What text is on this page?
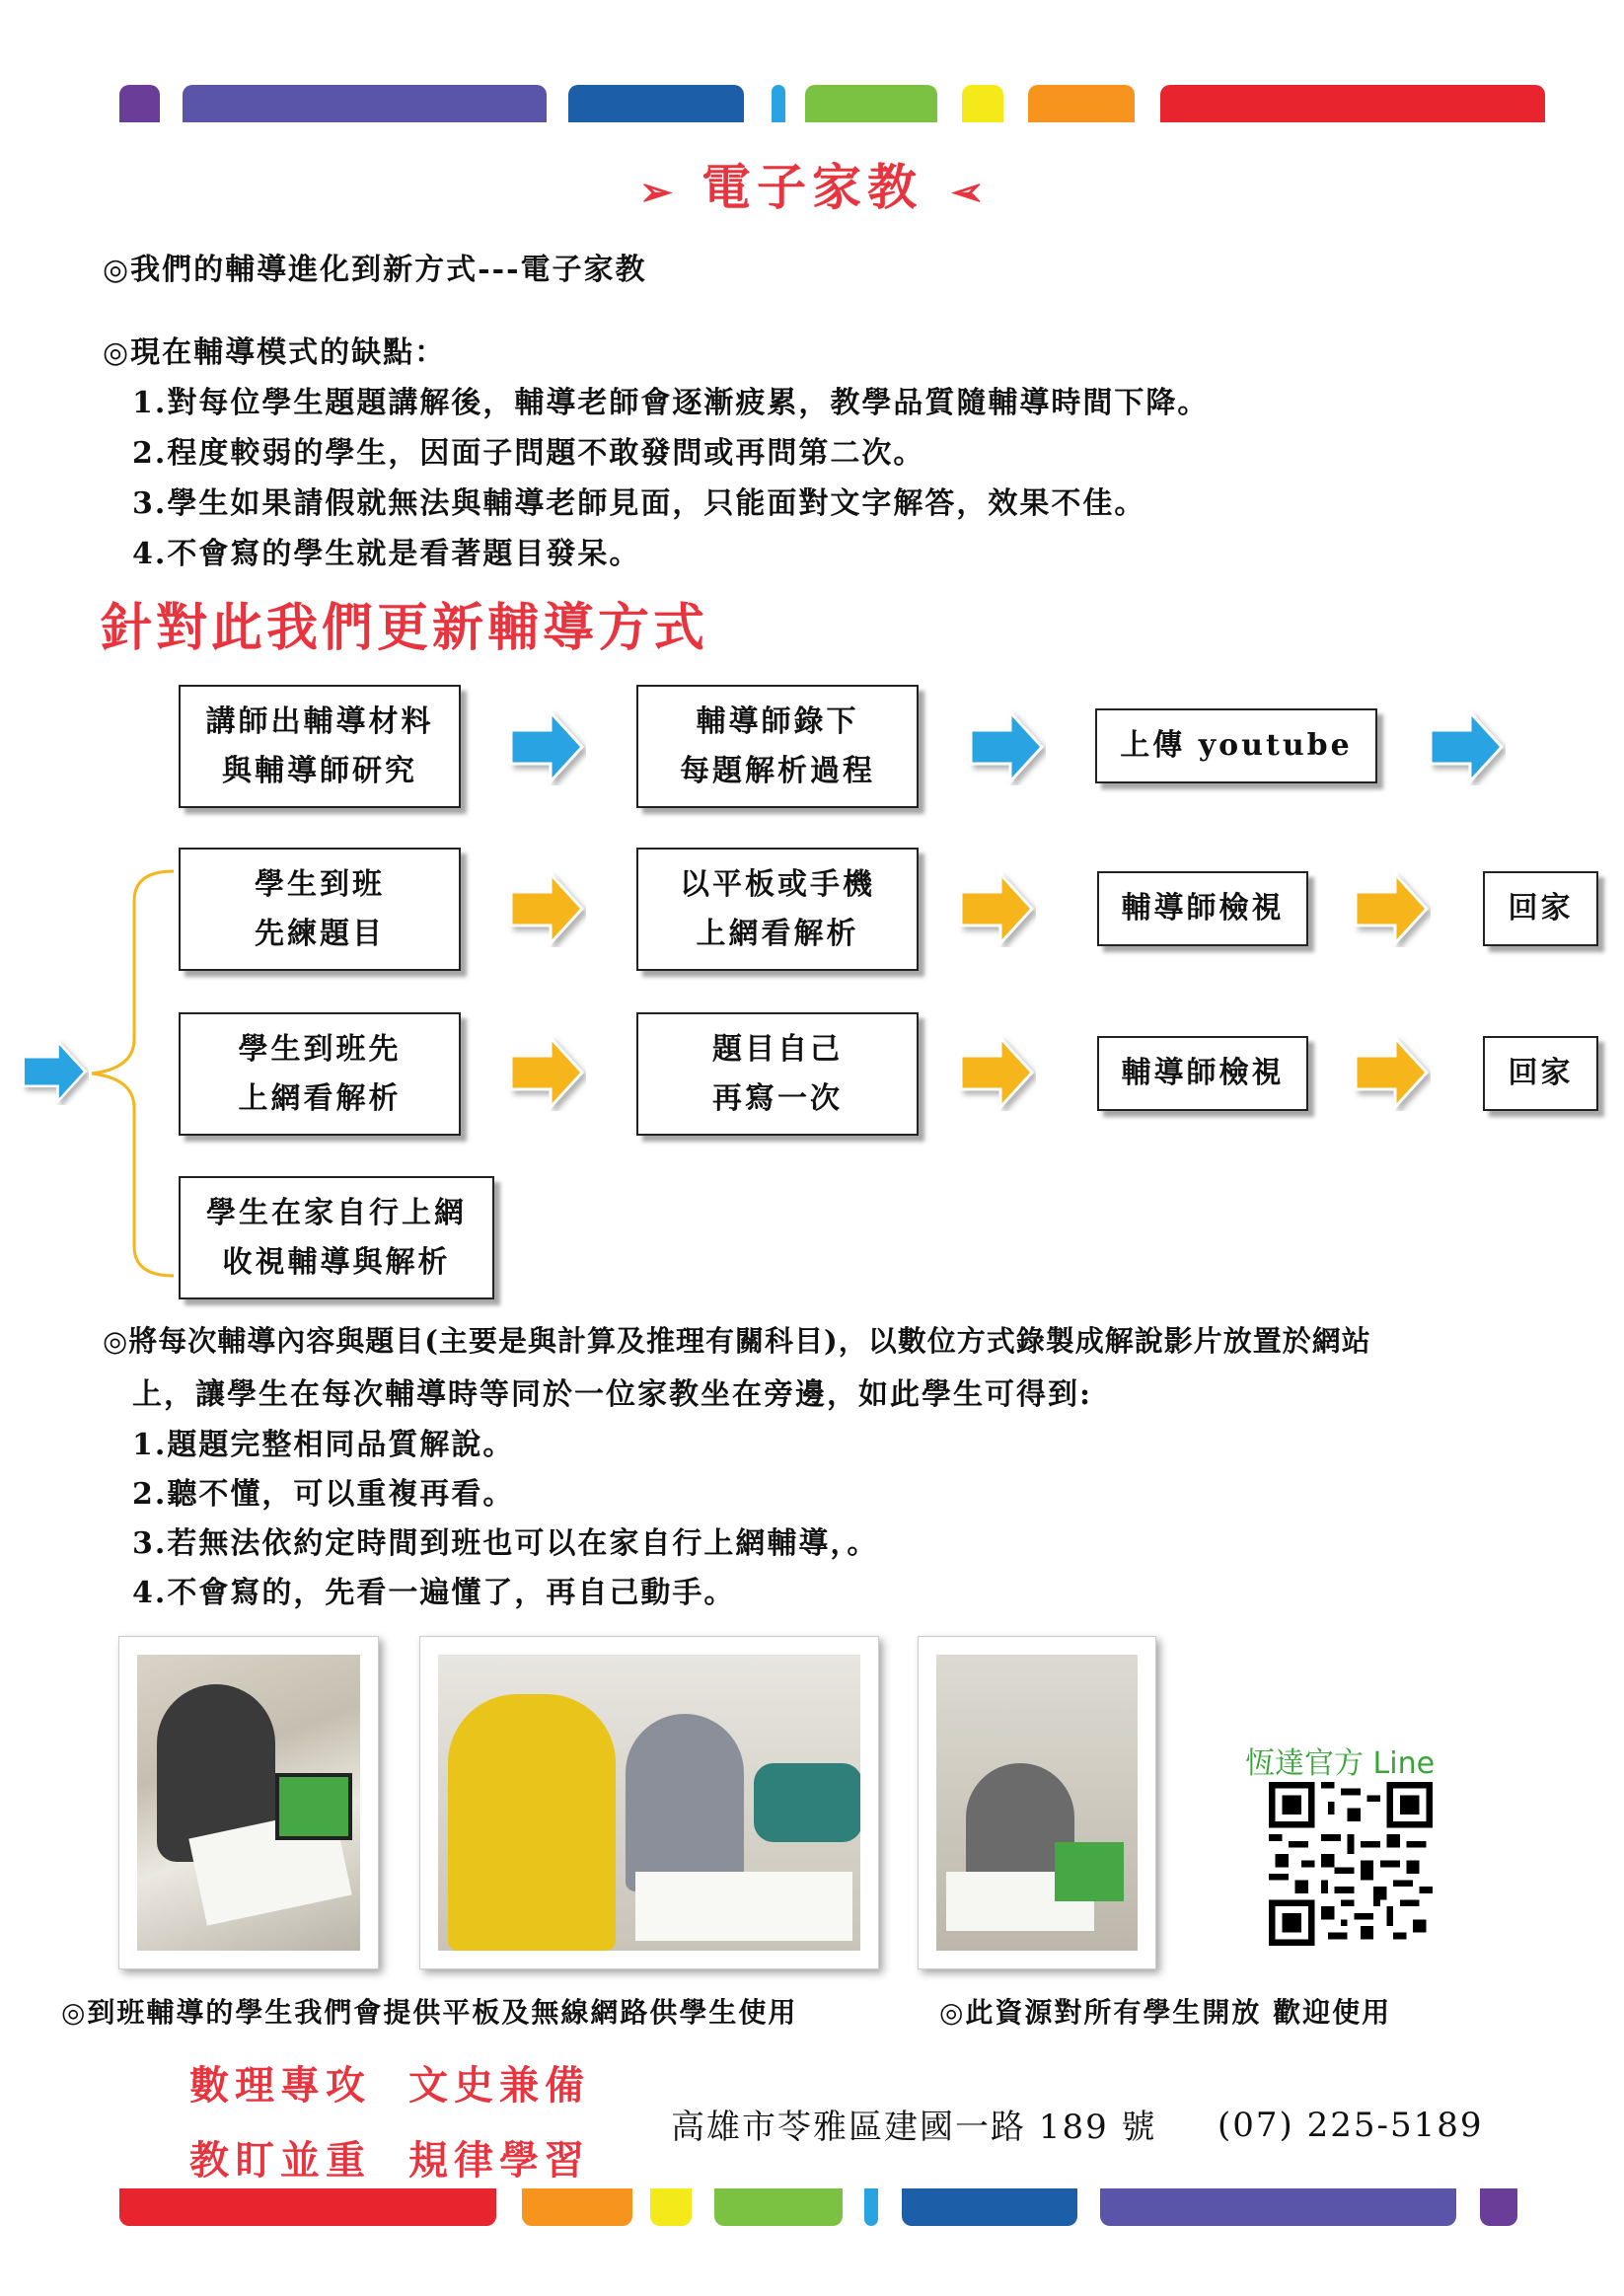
➢ 電子家教 ➢
◎我們的輔導進化到新方式---電子家教
◎現在輔導模式的缺點：
1.對每位學生題題講解後，輔導老師會逐漸疲累，教學品質隨輔導時間下降。
2.程度較弱的學生，因面子問題不敢發問或再問第二次。
3.學生如果請假就無法與輔導老師見面，只能面對文字解答，效果不佳。
4.不會寫的學生就是看著題目發呆。
針對此我們更新輔導方式
講師出輔導材料
與輔導師研究
輔導師錄下
每題解析過程
上傳 youtube
學生到班
先練題目
以平板或手機
上網看解析
輔導師檢視	回家
學生到班先
上網看解析
題目自己
再寫一次
輔導師檢視	回家
學生在家自行上網
收視輔導與解析
◎將每次輔導內容與題目(主要是與計算及推理有關科目)，以數位方式錄製成解說影片放置於網站
上，讓學生在每次輔導時等同於一位家教坐在旁邊，如此學生可得到:
1.題題完整相同品質解說。
2.聽不懂，可以重複再看。
3.若無法依約定時間到班也可以在家自行上網輔導，。
4.不會寫的，先看一遍懂了，再自己動手。
恆達官方 Line
◎到班輔導的學生我們會提供平板及無線網路供學生使用	◎此資源對所有學生開放 歡迎使用
數理專攻 文史兼備
教盯並重 規律學習
高雄市苓雅區建國一路 189 號 (07) 225-5189
